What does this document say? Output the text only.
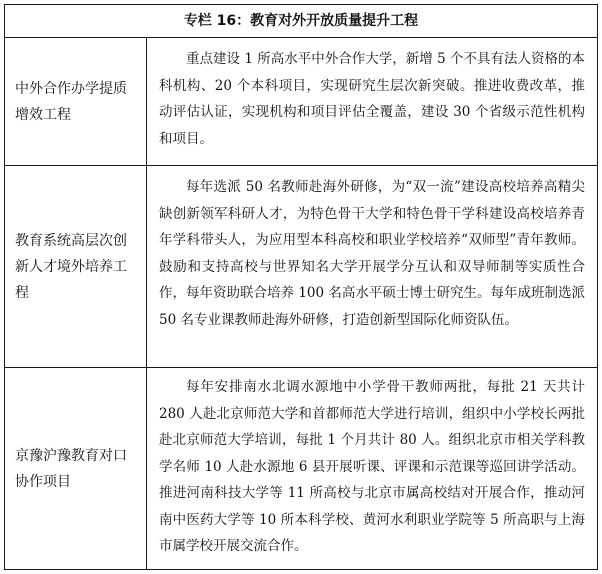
专栏 16：教育对外开放质量提升工程
中外合作办学提质增效工程
重点建设 1 所高水平中外合作大学，新增 5 个不具有法人资格的本科机构、20 个本科项目，实现研究生层次新突破。推进收费改革，推动评估认证，实现机构和项目评估全覆盖，建设 30 个省级示范性机构和项目。
教育系统高层次创新人才境外培养工程
每年选派 50 名教师赴海外研修，为“双一流”建设高校培养高精尖缺创新领军科研人才，为特色骨干大学和特色骨干学科建设高校培养青年学科带头人，为应用型本科高校和职业学校培养“双师型”青年教师。鼓励和支持高校与世界知名大学开展学分互认和双导师制等实质性合作，每年资助联合培养 100 名高水平硕士博士研究生。每年成班制选派 50 名专业课教师赴海外研修，打造创新型国际化师资队伍。
京豫沪豫教育对口协作项目
每年安排南水北调水源地中小学骨干教师两批，每批 21 天共计 280 人赴北京师范大学和首都师范大学进行培训，组织中小学校长两批赴北京师范大学培训，每批 1 个月共计 80 人。组织北京市相关学科教学名师 10 人赴水源地 6 县开展听课、评课和示范课等巡回讲学活动。推进河南科技大学等 11 所高校与北京市属高校结对开展合作，推动河南中医药大学等 10 所本科学校、黄河水利职业学院等 5 所高职与上海市属学校开展交流合作。
